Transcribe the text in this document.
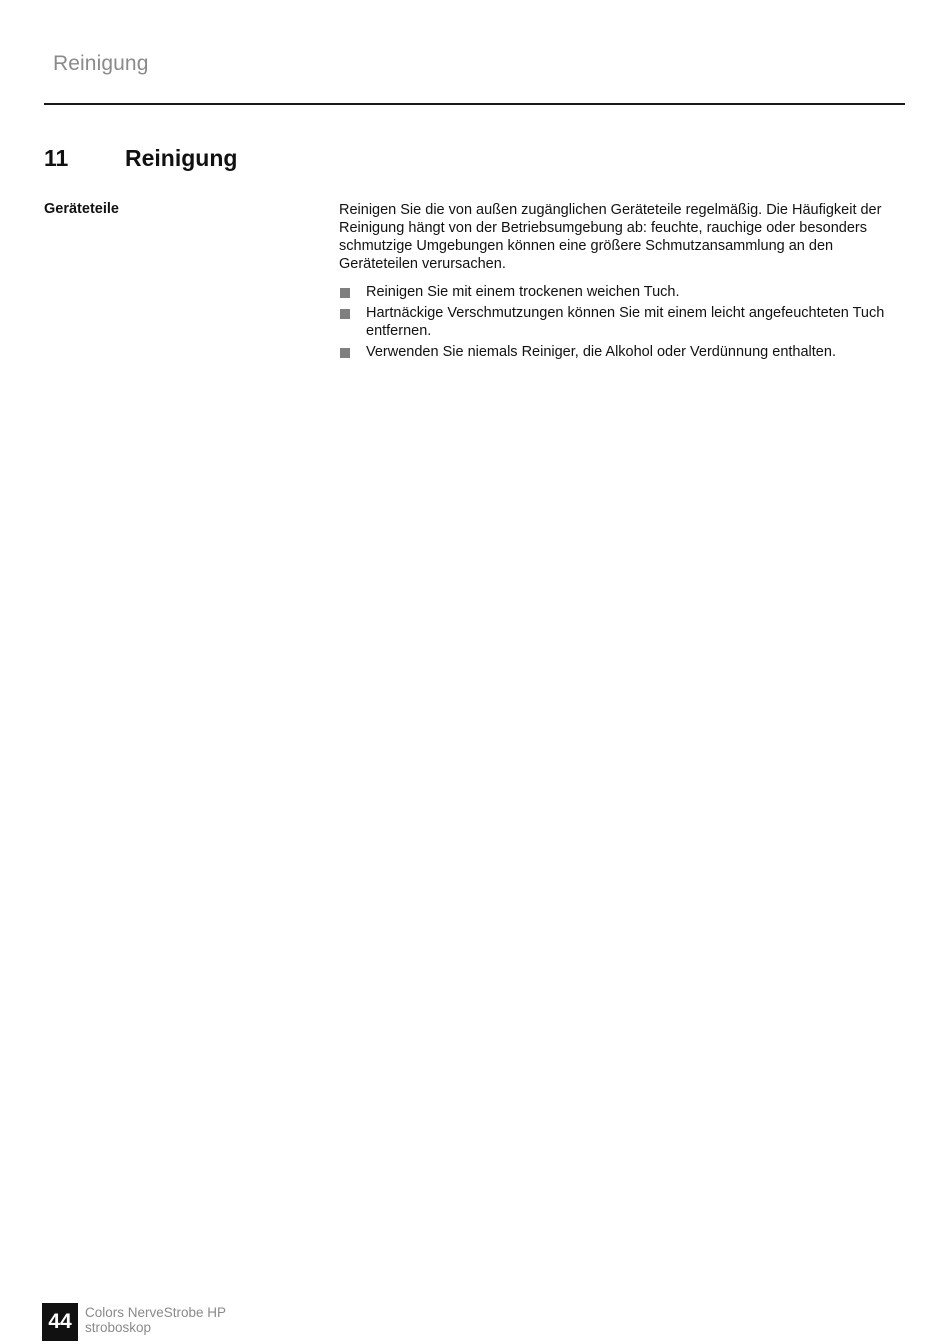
Reinigung
11	Reinigung
Geräteteile	Reinigen Sie die von außen zugänglichen Geräteteile regelmäßig. Die Häufigkeit der Reinigung hängt von der Betriebsumgebung ab: feuchte, rauchige oder besonders schmutzige Umgebungen können eine größere Schmutzansammlung an den Geräteteilen verursachen.

Reinigen Sie mit einem trockenen weichen Tuch.
Hartnäckige Verschmutzungen können Sie mit einem leicht angefeuchteten Tuch entfernen.
Verwenden Sie niemals Reiniger, die Alkohol oder Verdünnung enthalten.
44 Colors NerveStrobe HP
stroboskop
